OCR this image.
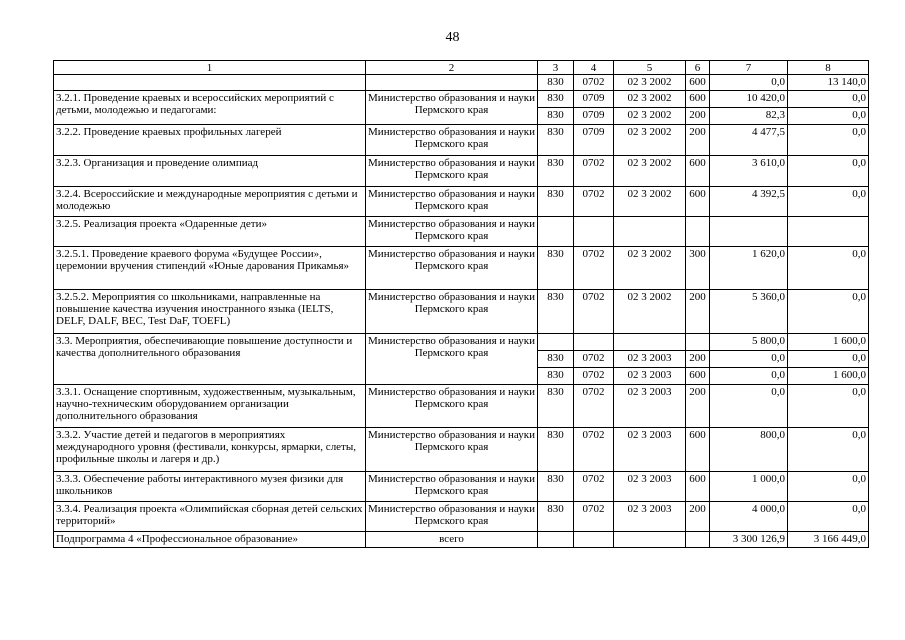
48
1	2	3	4	5	6	7	8
		830	0702	02 3 2002	600	0,0	13 140,0
3.2.1. Проведение краевых и всероссийских мероприятий с детьми, молодежью и педагогами:	Министерство образования и науки Пермского края	830	0709	02 3 2002	600	10 420,0	0,0
		830	0709	02 3 2002	200	82,3	0,0
3.2.2. Проведение краевых профильных лагерей	Министерство образования и науки Пермского края	830	0709	02 3 2002	200	4 477,5	0,0
3.2.3. Организация и проведение олимпиад	Министерство образования и науки Пермского края	830	0702	02 3 2002	600	3 610,0	0,0
3.2.4. Всероссийские и международные мероприятия с детьми и молодежью	Министерство образования и науки Пермского края	830	0702	02 3 2002	600	4 392,5	0,0
3.2.5. Реализация проекта «Одаренные дети»	Министерство образования и науки Пермского края						
3.2.5.1. Проведение краевого форума «Будущее России», церемонии вручения стипендий «Юные дарования Прикамья»	Министерство образования и науки Пермского края	830	0702	02 3 2002	300	1 620,0	0,0
3.2.5.2. Мероприятия со школьниками, направленные на повышение качества изучения иностранного языка (IELTS, DELF, DALF, BEC, Test DaF, TOEFL)	Министерство образования и науки Пермского края	830	0702	02 3 2002	200	5 360,0	0,0
3.3. Мероприятия, обеспечивающие повышение доступности и качества дополнительного образования	Министерство образования и науки Пермского края					5 800,0	1 600,0
		830	0702	02 3 2003	200	0,0	0,0
		830	0702	02 3 2003	600	0,0	1 600,0
3.3.1. Оснащение спортивным, художественным, музыкальным, научно-техническим оборудованием организации дополнительного образования	Министерство образования и науки Пермского края	830	0702	02 3 2003	200	0,0	0,0
3.3.2. Участие детей и педагогов в мероприятиях международного уровня (фестивали, конкурсы, ярмарки, слеты, профильные школы и лагеря и др.)	Министерство образования и науки Пермского края	830	0702	02 3 2003	600	800,0	0,0
3.3.3. Обеспечение работы интерактивного музея физики для школьников	Министерство образования и науки Пермского края	830	0702	02 3 2003	600	1 000,0	0,0
3.3.4. Реализация проекта «Олимпийская сборная детей сельских территорий»	Министерство образования и науки Пермского края	830	0702	02 3 2003	200	4 000,0	0,0
Подпрограмма 4 «Профессиональное образование»	всего					3 300 126,9	3 166 449,0
